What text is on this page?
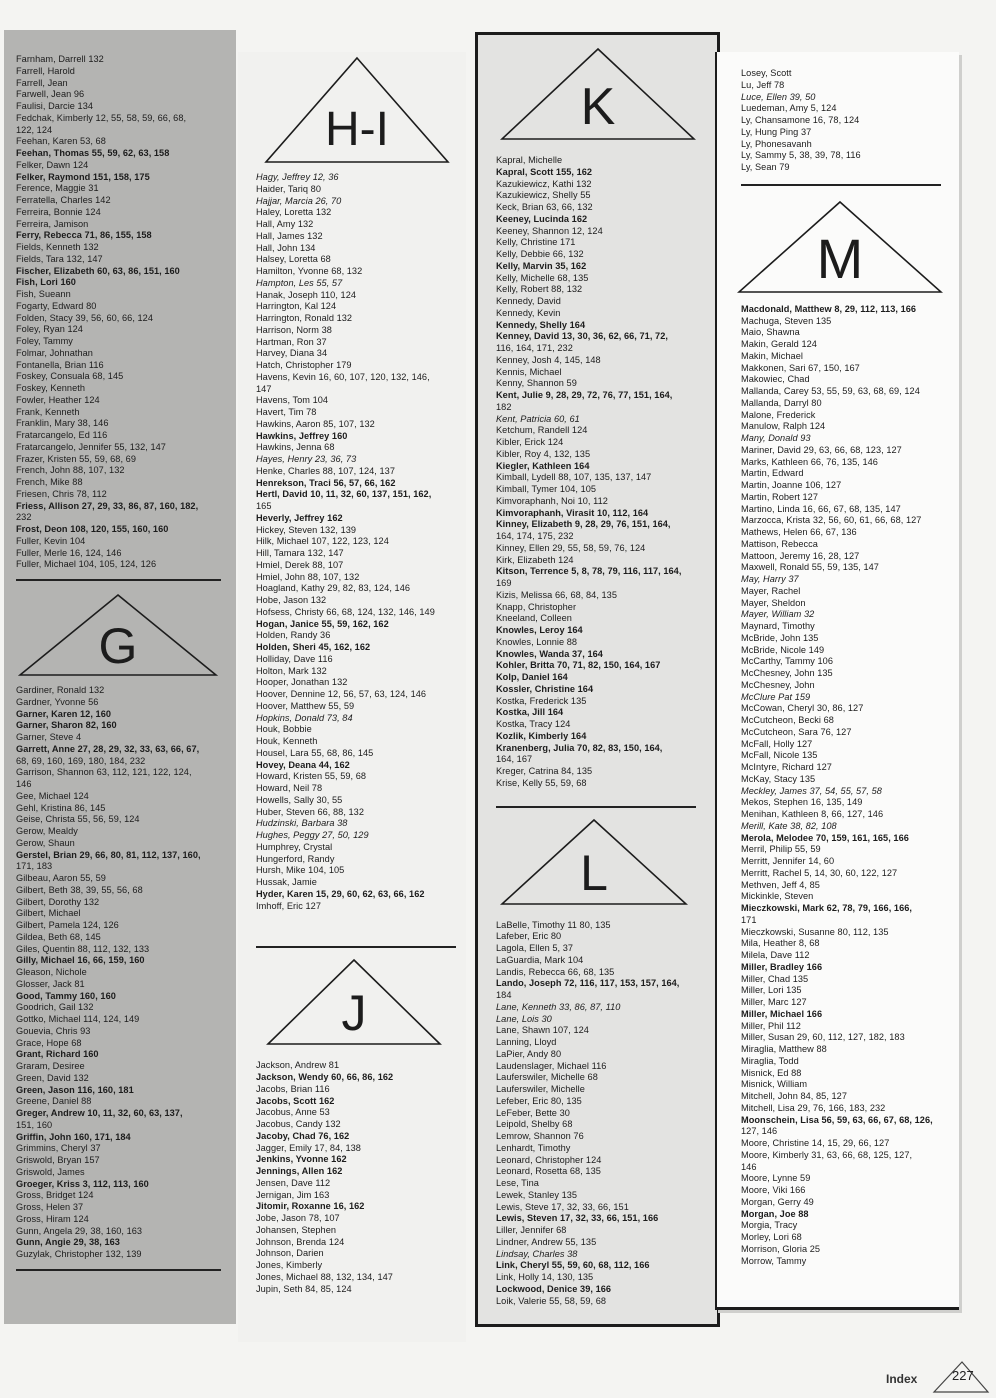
Farnham, Darrell 132
Farrell, Harold
Farrell, Jean
Farwell, Jean 96
Faulisi, Darcie 134
Fedchak, Kimberly 12, 55, 58, 59, 66, 68,
122, 124
Feehan, Karen 53, 68
Feehan, Thomas 55, 59, 62, 63, 158
Felker, Dawn 124
Felker, Raymond 151, 158, 175
Ference, Maggie 31
Ferratella, Charles 142
Ferreira, Bonnie 124
Ferreira, Jamison
Ferry, Rebecca 71, 86, 155, 158
Fields, Kenneth 132
Fields, Tara 132, 147
Fischer, Elizabeth 60, 63, 86, 151, 160
Fish, Lori 160
Fish, Sueann
Fogarty, Edward 80
Folden, Stacy 39, 56, 60, 66, 124
Foley, Ryan 124
Foley, Tammy
Folmar, Johnathan
Fontanella, Brian 116
Foskey, Consuala 68, 145
Foskey, Kenneth
Fowler, Heather 124
Frank, Kenneth
Franklin, Mary 38, 146
Fratarcangelo, Ed 116
Fratarcangelo, Jennifer 55, 132, 147
Frazer, Kristen 55, 59, 68, 69
French, John 88, 107, 132
French, Mike 88
Friesen, Chris 78, 112
Friess, Allison 27, 29, 33, 86, 87, 160, 182,
232
Frost, Deon 108, 120, 155, 160, 160
Fuller, Kevin 104
Fuller, Merle 16, 124, 146
Fuller, Michael 104, 105, 124, 126
G
Gardiner, Ronald 132
Gardner, Yvonne 56
Garner, Karen 12, 160
Garner, Sharon 82, 160
Garner, Steve 4
Garrett, Anne 27, 28, 29, 32, 33, 63, 66, 67,
68, 69, 160, 169, 180, 184, 232
Garrison, Shannon 63, 112, 121, 122, 124,
146
Gee, Michael 124
Gehl, Kristina 86, 145
Geise, Christa 55, 56, 59, 124
Gerow, Mealdy
Gerow, Shaun
Gerstel, Brian 29, 66, 80, 81, 112, 137, 160,
171, 183
Gilbeau, Aaron 55, 59
Gilbert, Beth 38, 39, 55, 56, 68
Gilbert, Dorothy 132
Gilbert, Michael
Gilbert, Pamela 124, 126
Gildea, Beth 68, 145
Giles, Quentin 88, 112, 132, 133
Gilly, Michael 16, 66, 159, 160
Gleason, Nichole
Glosser, Jack 81
Good, Tammy 160, 160
Goodrich, Gail 132
Gottko, Michael 114, 124, 149
Gouevia, Chris 93
Grace, Hope 68
Grant, Richard 160
Graram, Desiree
Green, David 132
Green, Jason 116, 160, 181
Greene, Daniel 88
Greger, Andrew 10, 11, 32, 60, 63, 137,
151, 160
Griffin, John 160, 171, 184
Grimmins, Cheryl 37
Griswold, Bryan 157
Griswold, James
Groeger, Kriss 3, 112, 113, 160
Gross, Bridget 124
Gross, Helen 37
Gross, Hiram 124
Gunn, Angela 29, 38, 160, 163
Gunn, Angie 29, 38, 163
Guzylak, Christopher 132, 139
H-I
Hagy, Jeffrey 12, 36
Haider, Tariq 80
Hajjar, Marcia 26, 70
Haley, Loretta 132
Hall, Amy 132
Hall, James 132
Hall, John 134
Halsey, Loretta 68
Hamilton, Yvonne 68, 132
Hampton, Les 55, 57
Hanak, Joseph 110, 124
Harrington, Kal 124
Harrington, Ronald 132
Harrison, Norm 38
Hartman, Ron 37
Harvey, Diana 34
Hatch, Christopher 179
Havens, Kevin 16, 60, 107, 120, 132, 146,
147
Havens, Tom 104
Havert, Tim 78
Hawkins, Aaron 85, 107, 132
Hawkins, Jeffrey 160
Hawkins, Jenna 68
Hayes, Henry 23, 36, 73
Henke, Charles 88, 107, 124, 137
Henrekson, Traci 56, 57, 66, 162
Hertl, David 10, 11, 32, 60, 137, 151, 162,
165
Heverly, Jeffrey 162
Hickey, Steven 132, 139
Hilk, Michael 107, 122, 123, 124
Hill, Tamara 132, 147
Hmiel, Derek 88, 107
Hmiel, John 88, 107, 132
Hoagland, Kathy 29, 82, 83, 124, 146
Hobe, Jason 132
Hofsess, Christy 66, 68, 124, 132, 146, 149
Hogan, Janice 55, 59, 162, 162
Holden, Randy 36
Holden, Sheri 45, 162, 162
Holliday, Dave 116
Holton, Mark 132
Hooper, Jonathan 132
Hoover, Dennine 12, 56, 57, 63, 124, 146
Hoover, Matthew 55, 59
Hopkins, Donald 73, 84
Houk, Bobbie
Houk, Kenneth
Housel, Lara 55, 68, 86, 145
Hovey, Deana 44, 162
Howard, Kristen 55, 59, 68
Howard, Neil 78
Howells, Sally 30, 55
Huber, Steven 66, 88, 132
Hudzinski, Barbara 38
Hughes, Peggy 27, 50, 129
Humphrey, Crystal
Hungerford, Randy
Hursh, Mike 104, 105
Hussak, Jamie
Hyder, Karen 15, 29, 60, 62, 63, 66, 162
Imhoff, Eric 127
J
Jackson, Andrew 81
Jackson, Wendy 60, 66, 86, 162
Jacobs, Brian 116
Jacobs, Scott 162
Jacobus, Anne 53
Jacobus, Candy 132
Jacoby, Chad 76, 162
Jagger, Emily 17, 84, 138
Jenkins, Yvonne 162
Jennings, Allen 162
Jensen, Dave 112
Jernigan, Jim 163
Jitomir, Roxanne 16, 162
Jobe, Jason 78, 107
Johansen, Stephen
Johnson, Brenda 124
Johnson, Darien
Jones, Kimberly
Jones, Michael 88, 132, 134, 147
Jupin, Seth 84, 85, 124
K
Kapral, Michelle
Kapral, Scott 155, 162
Kazukiewicz, Kathi 132
Kazukiewicz, Shelly 55
Keck, Brian 63, 66, 132
Keeney, Lucinda 162
Keeney, Shannon 12, 124
Kelly, Christine 171
Kelly, Debbie 66, 132
Kelly, Marvin 35, 162
Kelly, Michelle 68, 135
Kelly, Robert 88, 132
Kennedy, David
Kennedy, Kevin
Kennedy, Shelly 164
Kenney, David 13, 30, 36, 62, 66, 71, 72,
116, 164, 171, 232
Kenney, Josh 4, 145, 148
Kennis, Michael
Kenny, Shannon 59
Kent, Julie 9, 28, 29, 72, 76, 77, 151, 164,
182
Kent, Patricia 60, 61
Ketchum, Randell 124
Kibler, Erick 124
Kibler, Roy 4, 132, 135
Kiegler, Kathleen 164
Kimball, Lydell 88, 107, 135, 137, 147
Kimball, Tymer 104, 105
Kimvoraphanh, Noi 10, 112
Kimvoraphanh, Virasit 10, 112, 164
Kinney, Elizabeth 9, 28, 29, 76, 151, 164,
164, 174, 175, 232
Kinney, Ellen 29, 55, 58, 59, 76, 124
Kirk, Elizabeth 124
Kitson, Terrence 5, 8, 78, 79, 116, 117, 164,
169
Kizis, Melissa 66, 68, 84, 135
Knapp, Christopher
Kneeland, Colleen
Knowles, Leroy 164
Knowles, Lonnie 88
Knowles, Wanda 37, 164
Kohler, Britta 70, 71, 82, 150, 164, 167
Kolp, Daniel 164
Kossler, Christine 164
Kostka, Frederick 135
Kostka, Jill 164
Kostka, Tracy 124
Kozlik, Kimberly 164
Kranenberg, Julia 70, 82, 83, 150, 164,
164, 167
Kreger, Catrina 84, 135
Krise, Kelly 55, 59, 68
L
LaBelle, Timothy 11 80, 135
Lafeber, Eric 80
Lagola, Ellen 5, 37
LaGuardia, Mark 104
Landis, Rebecca 66, 68, 135
Lando, Joseph 72, 116, 117, 153, 157, 164,
184
Lane, Kenneth 33, 86, 87, 110
Lane, Lois 30
Lane, Shawn 107, 124
Lanning, Lloyd
LaPier, Andy 80
Laudenslager, Michael 116
Lauferswiler, Michelle 68
Lauferswiler, Michelle
Lefeber, Eric 80, 135
LeFeber, Bette 30
Leipold, Shelby 68
Lemrow, Shannon 76
Lenhardt, Timothy
Leonard, Christopher 124
Leonard, Rosetta 68, 135
Lese, Tina
Lewek, Stanley 135
Lewis, Steve 17, 32, 33, 66, 151
Lewis, Steven 17, 32, 33, 66, 151, 166
Liller, Jennifer 68
Lindner, Andrew 55, 135
Lindsay, Charles 38
Link, Cheryl 55, 59, 60, 68, 112, 166
Link, Holly 14, 130, 135
Lockwood, Denice 39, 166
Loik, Valerie 55, 58, 59, 68
Losey, Scott
Lu, Jeff 78
Luce, Ellen 39, 50
Luedeman, Amy 5, 124
Ly, Chansamone 16, 78, 124
Ly, Hung Ping 37
Ly, Phonesavanh
Ly, Sammy 5, 38, 39, 78, 116
Ly, Sean 79
M
Macdonald, Matthew 8, 29, 112, 113, 166
Machuga, Steven 135
Maio, Shawna
Makin, Gerald 124
Makin, Michael
Makkonen, Sari 67, 150, 167
Makowiec, Chad
Mallanda, Carey 53, 55, 59, 63, 68, 69, 124
Mallanda, Darryl 80
Malone, Frederick
Manulow, Ralph 124
Many, Donald 93
Mariner, David 29, 63, 66, 68, 123, 127
Marks, Kathleen 66, 76, 135, 146
Martin, Edward
Martin, Joanne 106, 127
Martin, Robert 127
Martino, Linda 16, 66, 67, 68, 135, 147
Marzocca, Krista 32, 56, 60, 61, 66, 68, 127
Mathews, Helen 66, 67, 136
Mattison, Rebecca
Mattoon, Jeremy 16, 28, 127
Maxwell, Ronald 55, 59, 135, 147
May, Harry 37
Mayer, Rachel
Mayer, Sheldon
Mayer, William 32
Maynard, Timothy
McBride, John 135
McBride, Nicole 149
McCarthy, Tammy 106
McChesney, John 135
McChesney, John
McClure Pat 159
McCowan, Cheryl 30, 86, 127
McCutcheon, Becki 68
McCutcheon, Sara 76, 127
McFall, Holly 127
McFall, Nicole 135
McIntyre, Richard 127
McKay, Stacy 135
Meckley, James 37, 54, 55, 57, 58
Mekos, Stephen 16, 135, 149
Menihan, Kathleen 8, 66, 127, 146
Merill, Kate 38, 82, 108
Merola, Melodee 70, 159, 161, 165, 166
Merril, Philip 55, 59
Merritt, Jennifer 14, 60
Merritt, Rachel 5, 14, 30, 60, 122, 127
Methven, Jeff 4, 85
Mickinkle, Steven
Mieczkowski, Mark 62, 78, 79, 166, 166,
171
Mieczkowski, Susanne 80, 112, 135
Mila, Heather 8, 68
Milela, Dave 112
Miller, Bradley 166
Miller, Chad 135
Miller, Lori 135
Miller, Marc 127
Miller, Michael 166
Miller, Phil 112
Miller, Susan 29, 60, 112, 127, 182, 183
Miraglia, Matthew 88
Miraglia, Todd
Misnick, Ed 88
Misnick, William
Mitchell, John 84, 85, 127
Mitchell, Lisa 29, 76, 166, 183, 232
Moonschein, Lisa 56, 59, 63, 66, 67, 68, 126,
127, 146
Moore, Christine 14, 15, 29, 66, 127
Moore, Kimberly 31, 63, 66, 68, 125, 127,
146
Moore, Lynne 59
Moore, Viki 166
Morgan, Gerry 49
Morgan, Joe 88
Morgia, Tracy
Morley, Lori 68
Morrison, Gloria 25
Morrow, Tammy
Index	227
